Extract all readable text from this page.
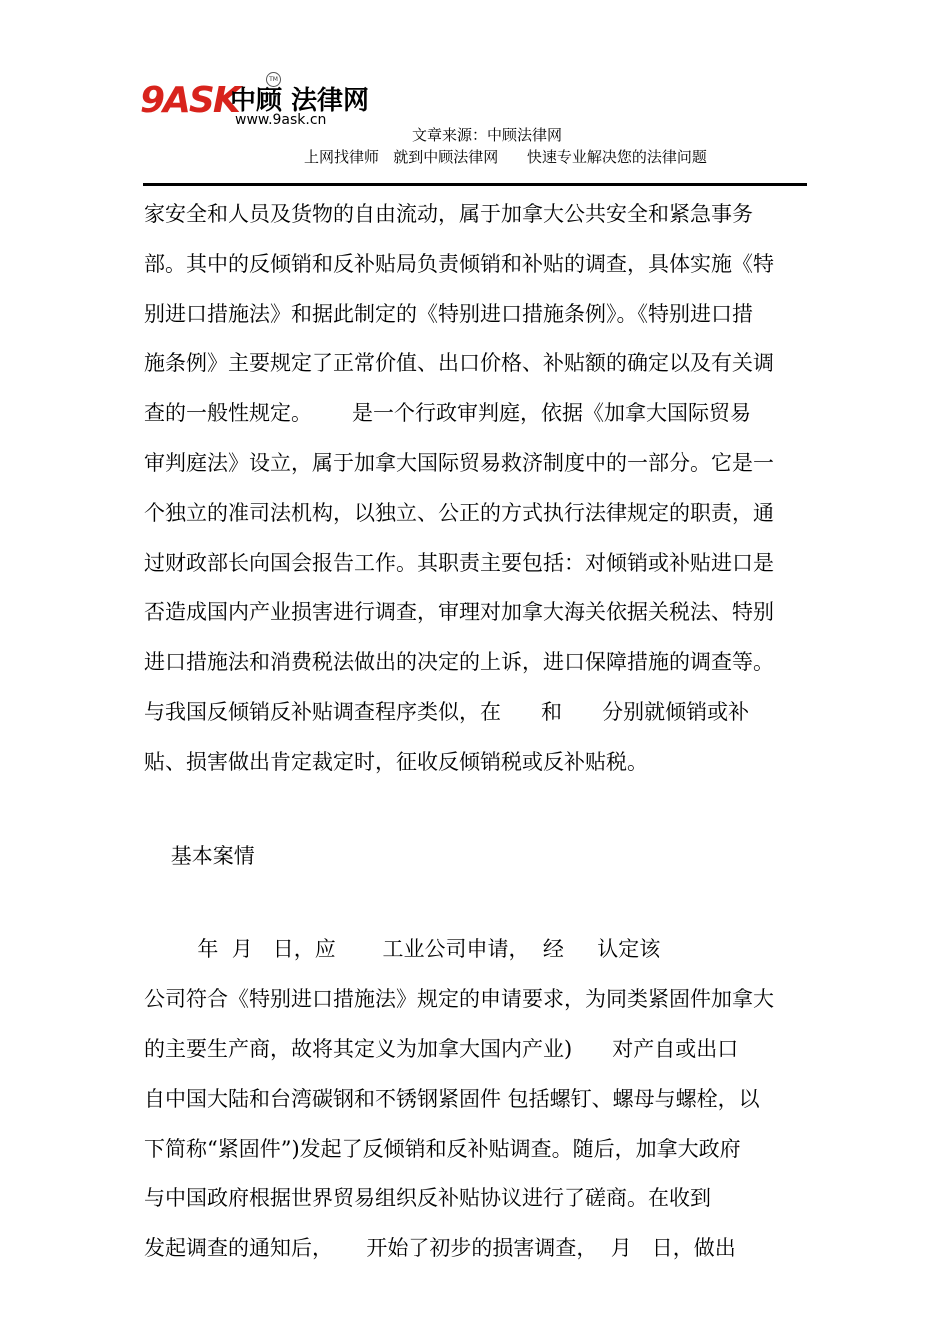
9ASK
中顾 法律网
TM
www.9ask.cn
文章来源：中顾法律网
上网找律师   就到中顾法律网      快速专业解决您的法律问题
家安全和人员及货物的自由流动，属于加拿大公共安全和紧急事务
部。其中的反倾销和反补贴局负责倾销和补贴的调查，具体实施《特
别进口措施法》和据此制定的《特别进口措施条例》。《特别进口措
施条例》主要规定了正常价值、出口价格、补贴额的确定以及有关调
查的一般性规定。      是一个行政审判庭，依据《加拿大国际贸易
审判庭法》设立，属于加拿大国际贸易救济制度中的一部分。它是一
个独立的准司法机构，以独立、公正的方式执行法律规定的职责，通
过财政部长向国会报告工作。其职责主要包括：对倾销或补贴进口是
否造成国内产业损害进行调查，审理对加拿大海关依据关税法、特别
进口措施法和消费税法做出的决定的上诉，进口保障措施的调查等。
与我国反倾销反补贴调查程序类似，在      和      分别就倾销或补
贴、损害做出肯定裁定时，征收反倾销税或反补贴税。
基本案情
年  月   日，应       工业公司申请，  经     认定该
公司符合《特别进口措施法》规定的申请要求，为同类紧固件加拿大
的主要生产商，故将其定义为加拿大国内产业)      对产自或出口
自中国大陆和台湾碳钢和不锈钢紧固件 包括螺钉、螺母与螺栓，以
下简称“紧固件”)发起了反倾销和反补贴调查。随后，加拿大政府
与中国政府根据世界贸易组织反补贴协议进行了磋商。在收到
发起调查的通知后，     开始了初步的损害调查，  月   日，做出
